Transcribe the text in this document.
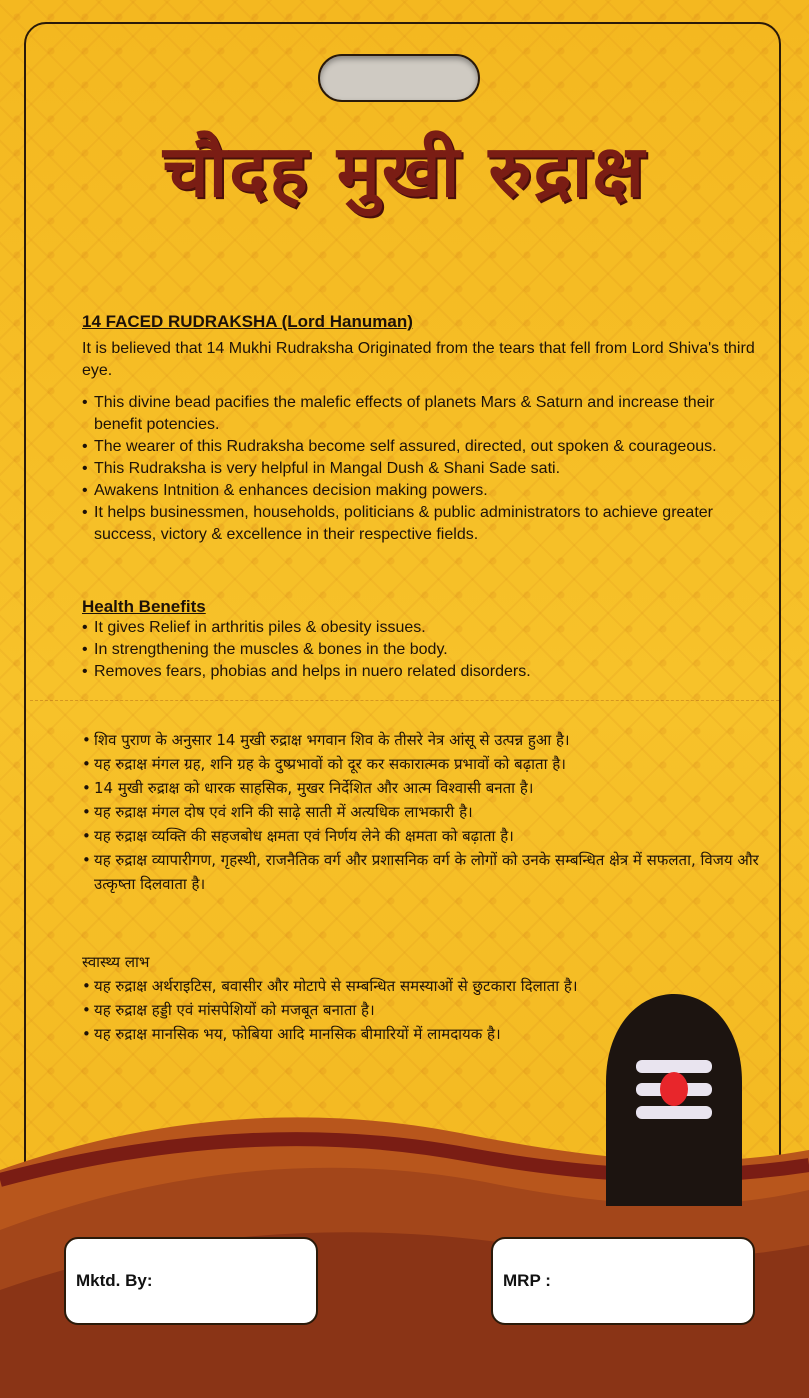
चौदह मुखी रुद्राक्ष

14 FACED RUDRAKSHA (Lord Hanuman)

It is believed that 14 Mukhi Rudraksha Originated from the tears that fell from Lord Shiva's third eye.

• This divine bead pacifies the malefic effects of planets Mars & Saturn and increase their benefit potencies.
• The wearer of this Rudraksha become self assured, directed, out spoken & courageous.
• This Rudraksha is very helpful in Mangal Dush & Shani Sade sati.
• Awakens Intnition & enhances decision making powers.
• It helps businessmen, households, politicians & public administrators to achieve greater success, victory & excellence in their respective fields.

Health Benefits

• It gives Relief in arthritis piles & obesity issues.
• In strengthening the muscles & bones in the body.
• Removes fears, phobias and helps in nuero related disorders.
• शिव पुराण के अनुसार 14 मुखी रुद्राक्ष भगवान शिव के तीसरे नेत्र आंसू से उत्पन्न हुआ है।
• यह रुद्राक्ष मंगल ग्रह, शनि ग्रह के दुष्प्रभावों को दूर कर सकारात्मक प्रभावों को बढ़ाता है।
• 14 मुखी रुद्राक्ष को धारक साहसिक, मुखर निर्देशित और आत्म विश्वासी बनता है।
• यह रुद्राक्ष मंगल दोष एवं शनि की साढ़े साती में अत्यधिक लाभकारी है।
• यह रुद्राक्ष व्यक्ति की सहजबोध क्षमता एवं निर्णय लेने की क्षमता को बढ़ाता है।
• यह रुद्राक्ष व्यापारीगण, गृहस्थी, राजनैतिक वर्ग और प्रशासनिक वर्ग के लोगों को उनके सम्बन्धित क्षेत्र में सफलता, विजय और उत्कृष्ता दिलवाता है।

स्वास्थ्य लाभ

• यह रुद्राक्ष अर्थराइटिस, बवासीर और मोटापे से सम्बन्धित समस्याओं से छुटकारा दिलाता है।
• यह रुद्राक्ष हड्डी एवं मांसपेशियों को मजबूत बनाता है।
• यह रुद्राक्ष मानसिक भय, फोबिया आदि मानसिक बीमारियों में लामदायक है।
Mktd. By:	MRP :
